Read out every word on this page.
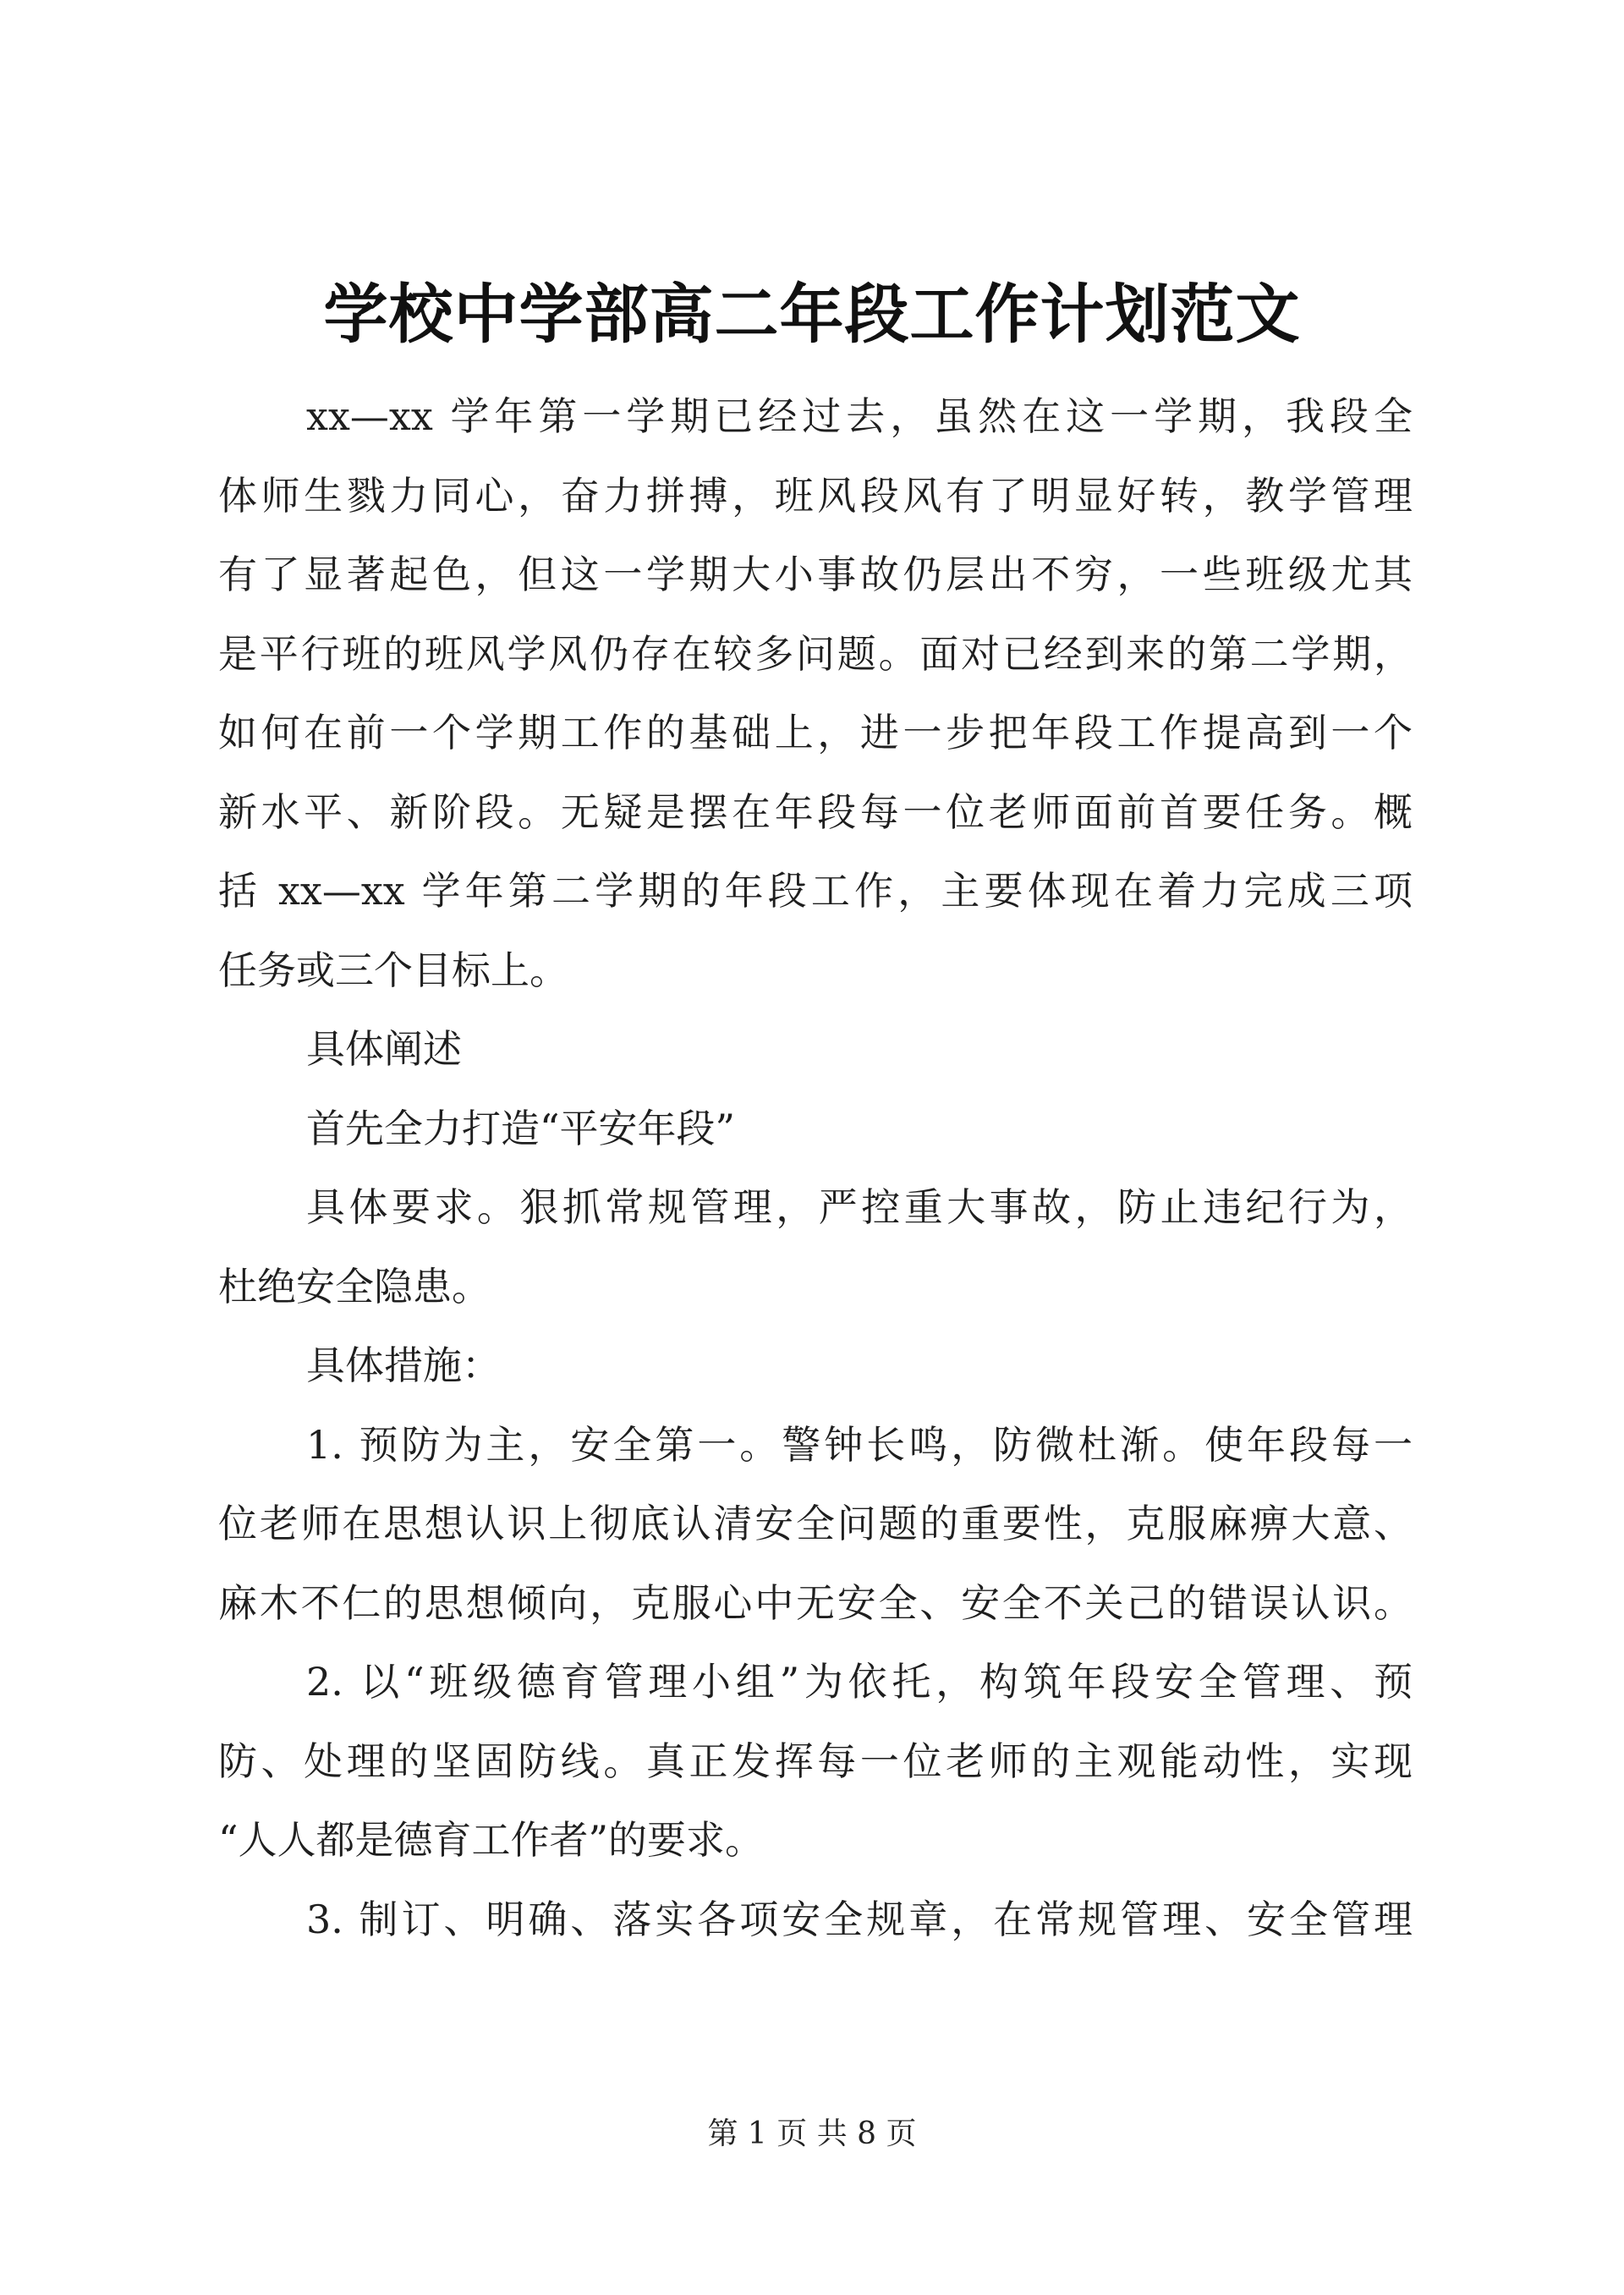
学校中学部高二年段工作计划范文
xx—xx 学年第一学期已经过去，虽然在这一学期，我段全
体师生戮力同心，奋力拼搏，班风段风有了明显好转，教学管理
有了显著起色，但这一学期大小事故仍层出不穷，一些班级尤其
是平行班的班风学风仍存在较多问题。面对已经到来的第二学期，
如何在前一个学期工作的基础上，进一步把年段工作提高到一个
新水平、新阶段。无疑是摆在年段每一位老师面前首要任务。概
括 xx—xx 学年第二学期的年段工作，主要体现在着力完成三项
任务或三个目标上。
具体阐述
首先全力打造“平安年段”
具体要求。狠抓常规管理，严控重大事故，防止违纪行为，
杜绝安全隐患。
具体措施：
1. 预防为主，安全第一。警钟长鸣，防微杜渐。使年段每一
位老师在思想认识上彻底认清安全问题的重要性，克服麻痹大意、
麻木不仁的思想倾向，克服心中无安全、安全不关己的错误认识。
2. 以“班级德育管理小组”为依托，构筑年段安全管理、预
防、处理的坚固防线。真正发挥每一位老师的主观能动性，实现
“人人都是德育工作者”的要求。
3. 制订、明确、落实各项安全规章，在常规管理、安全管理
第 1 页 共 8 页
